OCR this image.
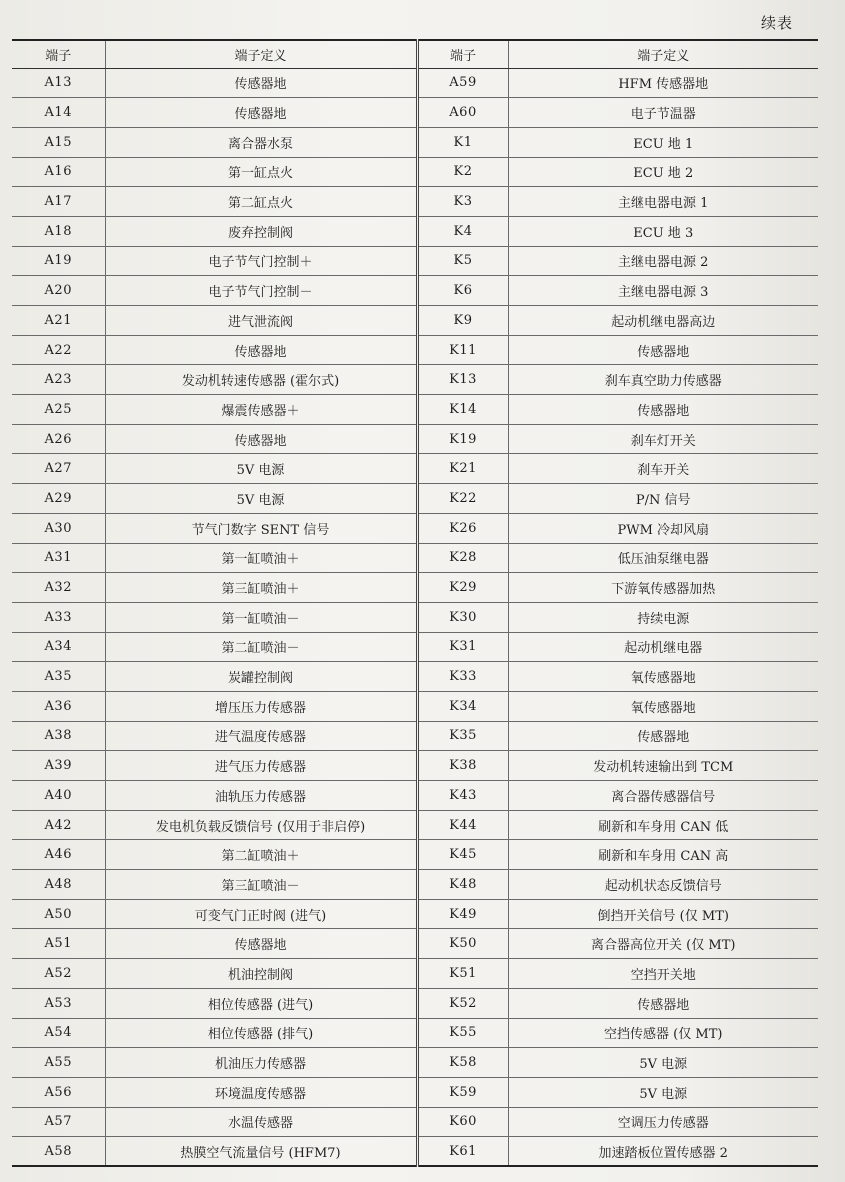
续表
端子	端子定义	端子	端子定义
A13	传感器地	A59	HFM 传感器地
A14	传感器地	A60	电子节温器
A15	离合器水泵	K1	ECU 地 1
A16	第一缸点火	K2	ECU 地 2
A17	第二缸点火	K3	主继电器电源 1
A18	废弃控制阀	K4	ECU 地 3
A19	电子节气门控制＋	K5	主继电器电源 2
A20	电子节气门控制－	K6	主继电器电源 3
A21	进气泄流阀	K9	起动机继电器高边
A22	传感器地	K11	传感器地
A23	发动机转速传感器 (霍尔式)	K13	刹车真空助力传感器
A25	爆震传感器＋	K14	传感器地
A26	传感器地	K19	刹车灯开关
A27	5V 电源	K21	刹车开关
A29	5V 电源	K22	P/N 信号
A30	节气门数字 SENT 信号	K26	PWM 冷却风扇
A31	第一缸喷油＋	K28	低压油泵继电器
A32	第三缸喷油＋	K29	下游氧传感器加热
A33	第一缸喷油－	K30	持续电源
A34	第二缸喷油－	K31	起动机继电器
A35	炭罐控制阀	K33	氧传感器地
A36	增压压力传感器	K34	氧传感器地
A38	进气温度传感器	K35	传感器地
A39	进气压力传感器	K38	发动机转速输出到 TCM
A40	油轨压力传感器	K43	离合器传感器信号
A42	发电机负载反馈信号 (仅用于非启停)	K44	刷新和车身用 CAN 低
A46	第二缸喷油＋	K45	刷新和车身用 CAN 高
A48	第三缸喷油－	K48	起动机状态反馈信号
A50	可变气门正时阀 (进气)	K49	倒挡开关信号 (仅 MT)
A51	传感器地	K50	离合器高位开关 (仅 MT)
A52	机油控制阀	K51	空挡开关地
A53	相位传感器 (进气)	K52	传感器地
A54	相位传感器 (排气)	K55	空挡传感器 (仅 MT)
A55	机油压力传感器	K58	5V 电源
A56	环境温度传感器	K59	5V 电源
A57	水温传感器	K60	空调压力传感器
A58	热膜空气流量信号 (HFM7)	K61	加速踏板位置传感器 2
